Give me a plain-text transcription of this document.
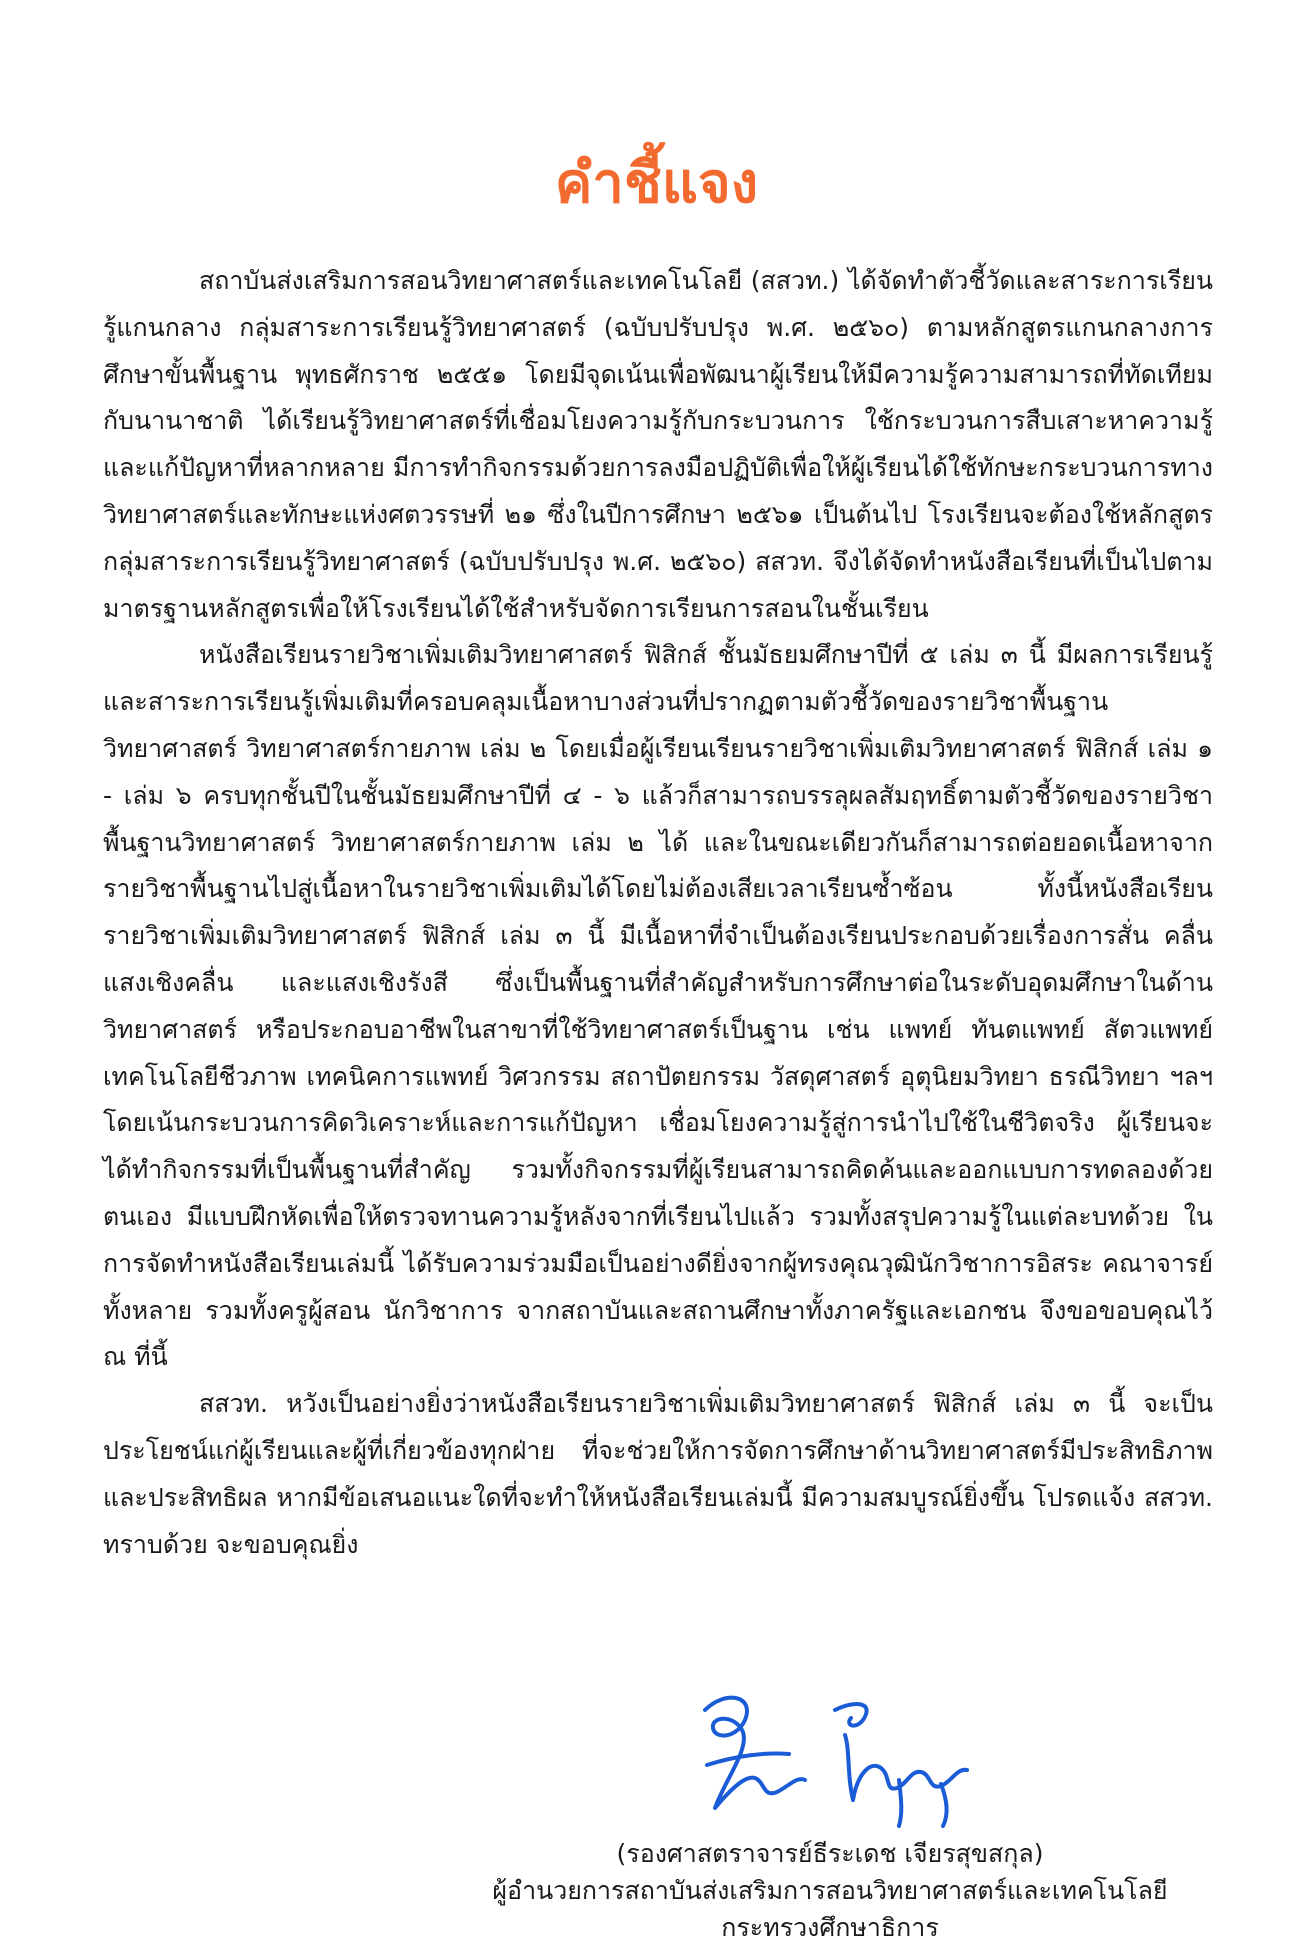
คำชี้แจง

สถาบันส่งเสริมการสอนวิทยาศาสตร์และเทคโนโลยี (สสวท.) ได้จัดทำตัวชี้วัดและสาระการเรียนรู้แกนกลาง กลุ่มสาระการเรียนรู้วิทยาศาสตร์ (ฉบับปรับปรุง พ.ศ. ๒๕๖๐) ตามหลักสูตรแกนกลางการศึกษาขั้นพื้นฐาน พุทธศักราช ๒๕๕๑ โดยมีจุดเน้นเพื่อพัฒนาผู้เรียนให้มีความรู้ความสามารถที่ทัดเทียมกับนานาชาติ ได้เรียนรู้วิทยาศาสตร์ที่เชื่อมโยงความรู้กับกระบวนการ ใช้กระบวนการสืบเสาะหาความรู้และแก้ปัญหาที่หลากหลาย มีการทำกิจกรรมด้วยการลงมือปฏิบัติเพื่อให้ผู้เรียนได้ใช้ทักษะกระบวนการทางวิทยาศาสตร์และทักษะแห่งศตวรรษที่ ๒๑ ซึ่งในปีการศึกษา ๒๕๖๑ เป็นต้นไป โรงเรียนจะต้องใช้หลักสูตรกลุ่มสาระการเรียนรู้วิทยาศาสตร์ (ฉบับปรับปรุง พ.ศ. ๒๕๖๐) สสวท. จึงได้จัดทำหนังสือเรียนที่เป็นไปตามมาตรฐานหลักสูตรเพื่อให้โรงเรียนได้ใช้สำหรับจัดการเรียนการสอนในชั้นเรียน

หนังสือเรียนรายวิชาเพิ่มเติมวิทยาศาสตร์ ฟิสิกส์ ชั้นมัธยมศึกษาปีที่ ๕ เล่ม ๓ นี้ มีผลการเรียนรู้และสาระการเรียนรู้เพิ่มเติมที่ครอบคลุมเนื้อหาบางส่วนที่ปรากฏตามตัวชี้วัดของรายวิชาพื้นฐานวิทยาศาสตร์ วิทยาศาสตร์กายภาพ เล่ม ๒ โดยเมื่อผู้เรียนเรียนรายวิชาเพิ่มเติมวิทยาศาสตร์ ฟิสิกส์ เล่ม ๑ - เล่ม ๖ ครบทุกชั้นปีในชั้นมัธยมศึกษาปีที่ ๔ - ๖ แล้วก็สามารถบรรลุผลสัมฤทธิ์ตามตัวชี้วัดของรายวิชาพื้นฐานวิทยาศาสตร์ วิทยาศาสตร์กายภาพ เล่ม ๒ ได้ และในขณะเดียวกันก็สามารถต่อยอดเนื้อหาจากรายวิชาพื้นฐานไปสู่เนื้อหาในรายวิชาเพิ่มเติมได้โดยไม่ต้องเสียเวลาเรียนซ้ำซ้อน ทั้งนี้หนังสือเรียนรายวิชาเพิ่มเติมวิทยาศาสตร์ ฟิสิกส์ เล่ม ๓ นี้ มีเนื้อหาที่จำเป็นต้องเรียนประกอบด้วยเรื่องการสั่น คลื่น แสงเชิงคลื่น และแสงเชิงรังสี ซึ่งเป็นพื้นฐานที่สำคัญสำหรับการศึกษาต่อในระดับอุดมศึกษาในด้านวิทยาศาสตร์ หรือประกอบอาชีพในสาขาที่ใช้วิทยาศาสตร์เป็นฐาน เช่น แพทย์ ทันตแพทย์ สัตวแพทย์ เทคโนโลยีชีวภาพ เทคนิคการแพทย์ วิศวกรรม สถาปัตยกรรม วัสดุศาสตร์ อุตุนิยมวิทยา ธรณีวิทยา ฯลฯ โดยเน้นกระบวนการคิดวิเคราะห์และการแก้ปัญหา เชื่อมโยงความรู้สู่การนำไปใช้ในชีวิตจริง ผู้เรียนจะได้ทำกิจกรรมที่เป็นพื้นฐานที่สำคัญ รวมทั้งกิจกรรมที่ผู้เรียนสามารถคิดค้นและออกแบบการทดลองด้วยตนเอง มีแบบฝึกหัดเพื่อให้ตรวจทานความรู้หลังจากที่เรียนไปแล้ว รวมทั้งสรุปความรู้ในแต่ละบทด้วย ในการจัดทำหนังสือเรียนเล่มนี้ ได้รับความร่วมมือเป็นอย่างดียิ่งจากผู้ทรงคุณวุฒินักวิชาการอิสระ คณาจารย์ทั้งหลาย รวมทั้งครูผู้สอน นักวิชาการ จากสถาบันและสถานศึกษาทั้งภาครัฐและเอกชน จึงขอขอบคุณไว้ ณ ที่นี้

สสวท. หวังเป็นอย่างยิ่งว่าหนังสือเรียนรายวิชาเพิ่มเติมวิทยาศาสตร์ ฟิสิกส์ เล่ม ๓ นี้ จะเป็นประโยชน์แก่ผู้เรียนและผู้ที่เกี่ยวข้องทุกฝ่าย ที่จะช่วยให้การจัดการศึกษาด้านวิทยาศาสตร์มีประสิทธิภาพและประสิทธิผล หากมีข้อเสนอแนะใดที่จะทำให้หนังสือเรียนเล่มนี้ มีความสมบูรณ์ยิ่งขึ้น โปรดแจ้ง สสวท. ทราบด้วย จะขอบคุณยิ่ง

(รองศาสตราจารย์ธีระเดช เจียรสุขสกุล)
ผู้อำนวยการสถาบันส่งเสริมการสอนวิทยาศาสตร์และเทคโนโลยี
กระทรวงศึกษาธิการ
